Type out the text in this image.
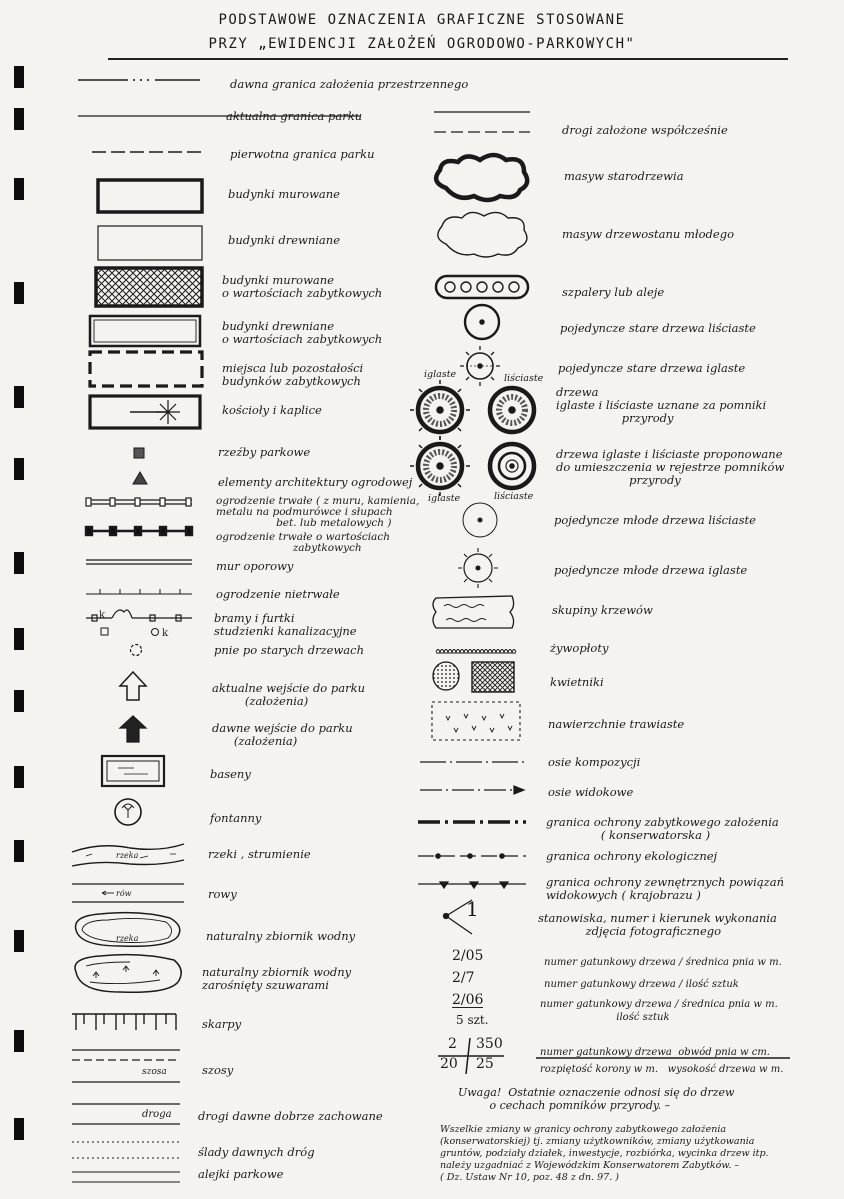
PODSTAWOWE OZNACZENIA GRAFICZNE STOSOWANE
PRZY „EWIDENCJI ZAŁOŻEŃ OGRODOWO-PARKOWYCH"
k
k
rzeka
rów
rzeka
szosa
droga
dawna granica założenia przestrzennego
aktualna granica parku
pierwotna granica parku
budynki murowane
budynki drewniane
budynki murowane
o wartościach zabytkowych
budynki drewniane
o wartościach zabytkowych
miejsca lub pozostałości
budynków zabytkowych
kościoły i kaplice
rzeźby parkowe
elementy architektury ogrodowej
ogrodzenie trwałe ( z muru, kamienia,
metalu na podmurówce i słupach
bet. lub metalowych )
ogrodzenie trwałe o wartościach
zabytkowych
mur oporowy
ogrodzenie nietrwałe
bramy i furtki
studzienki kanalizacyjne
pnie po starych drzewach
aktualne wejście do parku
(założenia)
dawne wejście do parku
(założenia)
baseny
fontanny
rzeki , strumienie
rowy
naturalny zbiornik wodny
naturalny zbiornik wodny
zarośnięty szuwarami
skarpy
szosy
drogi dawne dobrze zachowane
ślady dawnych dróg
alejki parkowe
iglaste	liściaste
iglaste	liściaste
1
2/05
2/7
2/06
5 szt.
2 350
20 25
drogi założone współcześnie
masyw starodrzewia
masyw drzewostanu młodego
szpalery lub aleje
pojedyncze stare drzewa liściaste
pojedyncze stare drzewa iglaste
drzewa
iglaste i liściaste uznane za pomniki
przyrody
drzewa iglaste i liściaste proponowane
do umieszczenia w rejestrze pomników
przyrody
pojedyncze młode drzewa liściaste
pojedyncze młode drzewa iglaste
skupiny krzewów
żywopłoty
kwietniki
nawierzchnie trawiaste
osie kompozycji
osie widokowe
granica ochrony zabytkowego założenia
( konserwatorska )
granica ochrony ekologicznej
granica ochrony zewnętrznych powiązań
widokowych ( krajobrazu )
stanowiska, numer i kierunek wykonania
zdjęcia fotograficznego
numer gatunkowy drzewa / średnica pnia w m.
numer gatunkowy drzewa / ilość sztuk
numer gatunkowy drzewa / średnica pnia w m.
ilość sztuk
numer gatunkowy drzewa  obwód pnia w cm.
rozpiętość korony w m.   wysokość drzewa w m.
Uwaga!  Ostatnie oznaczenie odnosi się do drzew
o cechach pomników przyrody. –
Wszelkie zmiany w granicy ochrony zabytkowego założenia
(konserwatorskiej) tj. zmiany użytkowników, zmiany użytkowania
gruntów, podziały działek, inwestycje, rozbiórka, wycinka drzew itp.
należy uzgadniać z Wojewódzkim Konserwatorem Zabytków. –
( Dz. Ustaw Nr 10, poz. 48 z dn. 97. )
